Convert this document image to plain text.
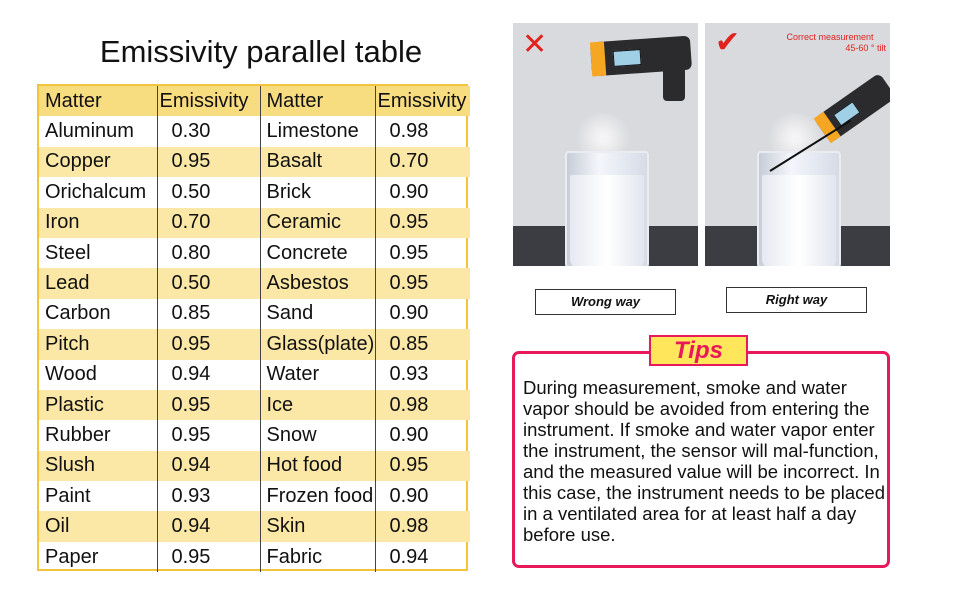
Emissivity parallel table
Matter	Emissivity	Matter	Emissivity
Aluminum	0.30	Limestone	0.98
Copper	0.95	Basalt	0.70
Orichalcum	0.50	Brick	0.90
Iron	0.70	Ceramic	0.95
Steel	0.80	Concrete	0.95
Lead	0.50	Asbestos	0.95
Carbon	0.85	Sand	0.90
Pitch	0.95	Glass(plate)	0.85
Wood	0.94	Water	0.93
Plastic	0.95	Ice	0.98
Rubber	0.95	Snow	0.90
Slush	0.94	Hot food	0.95
Paint	0.93	Frozen food	0.90
Oil	0.94	Skin	0.98
Paper	0.95	Fabric	0.94
✕	✔	Correct measurement
45-60 ° tilt
Wrong way	Right way
Tips
During measurement, smoke and water vapor should be avoided from entering the instrument. If smoke and water vapor enter the instrument, the sensor will mal-function, and the measured value will be incorrect. In this case, the instrument needs to be placed in a ventilated area for at least half a day before use.
